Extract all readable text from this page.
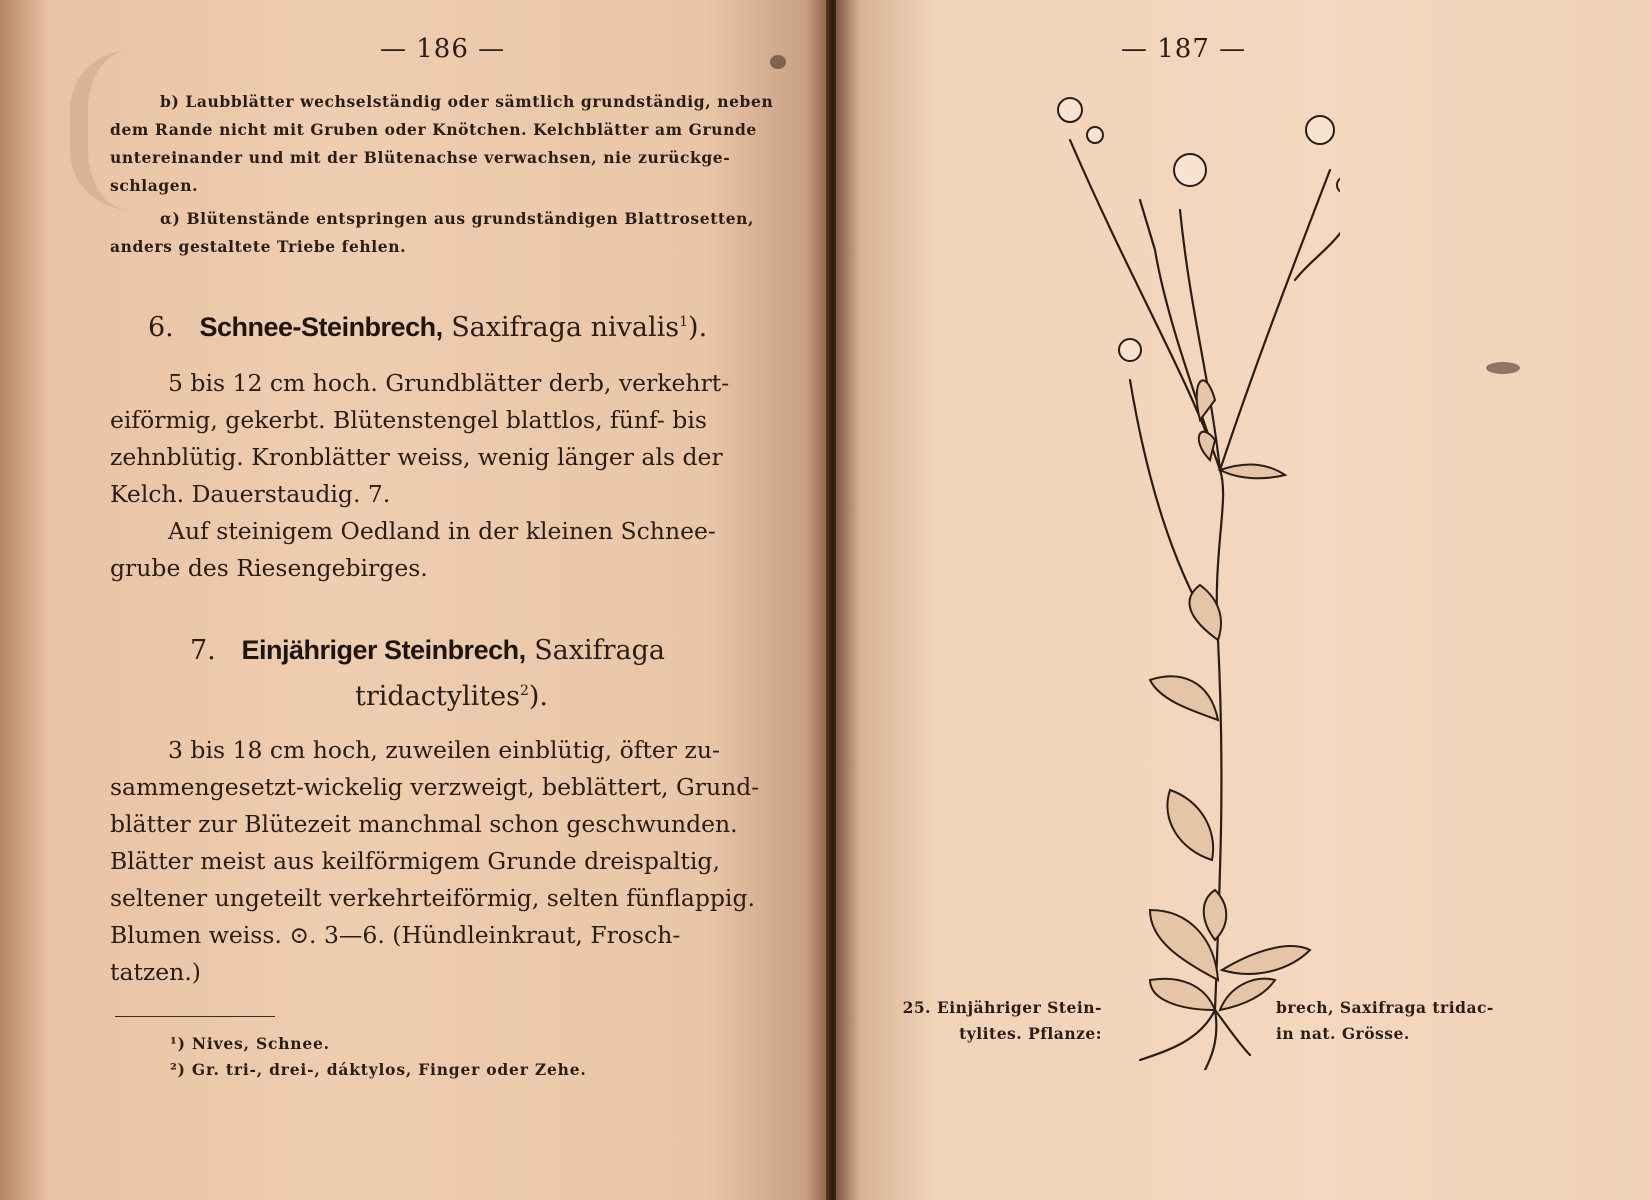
— 186 —
b) Laubblätter wechselständig oder sämtlich grundständig, neben
dem Rande nicht mit Gruben oder Knötchen. Kelchblätter am Grunde
untereinander und mit der Blütenachse verwachsen, nie zurückge-
schlagen.
α) Blütenstände entspringen aus grundständigen Blattrosetten,
anders gestaltete Triebe fehlen.
6. Schnee-Steinbrech, Saxifraga nivalis$^1$).
5 bis 12 cm hoch. Grundblätter derb, verkehrt-
eiförmig, gekerbt. Blütenstengel blattlos, fünf- bis
zehnblütig. Kronblätter weiss, wenig länger als der
Kelch. Dauerstaudig. 7.
Auf steinigem Oedland in der kleinen Schnee-
grube des Riesengebirges.
7. Einjähriger Steinbrech, Saxifraga
tridactylites$^2$).
3 bis 18 cm hoch, zuweilen einblütig, öfter zu-
sammengesetzt-wickelig verzweigt, beblättert, Grund-
blätter zur Blütezeit manchmal schon geschwunden.
Blätter meist aus keilförmigem Grunde dreispaltig,
seltener ungeteilt verkehrteiförmig, selten fünflappig.
Blumen weiss. ⊙. 3—6. (Hündleinkraut, Frosch-
tatzen.)
¹) Nives, Schnee.
²) Gr. tri-, drei-, dáktylos, Finger oder Zehe.
— 187 —
25. Einjähriger Stein-
tylites. Pflanze:
brech, Saxifraga tridac-
in nat. Grösse.
